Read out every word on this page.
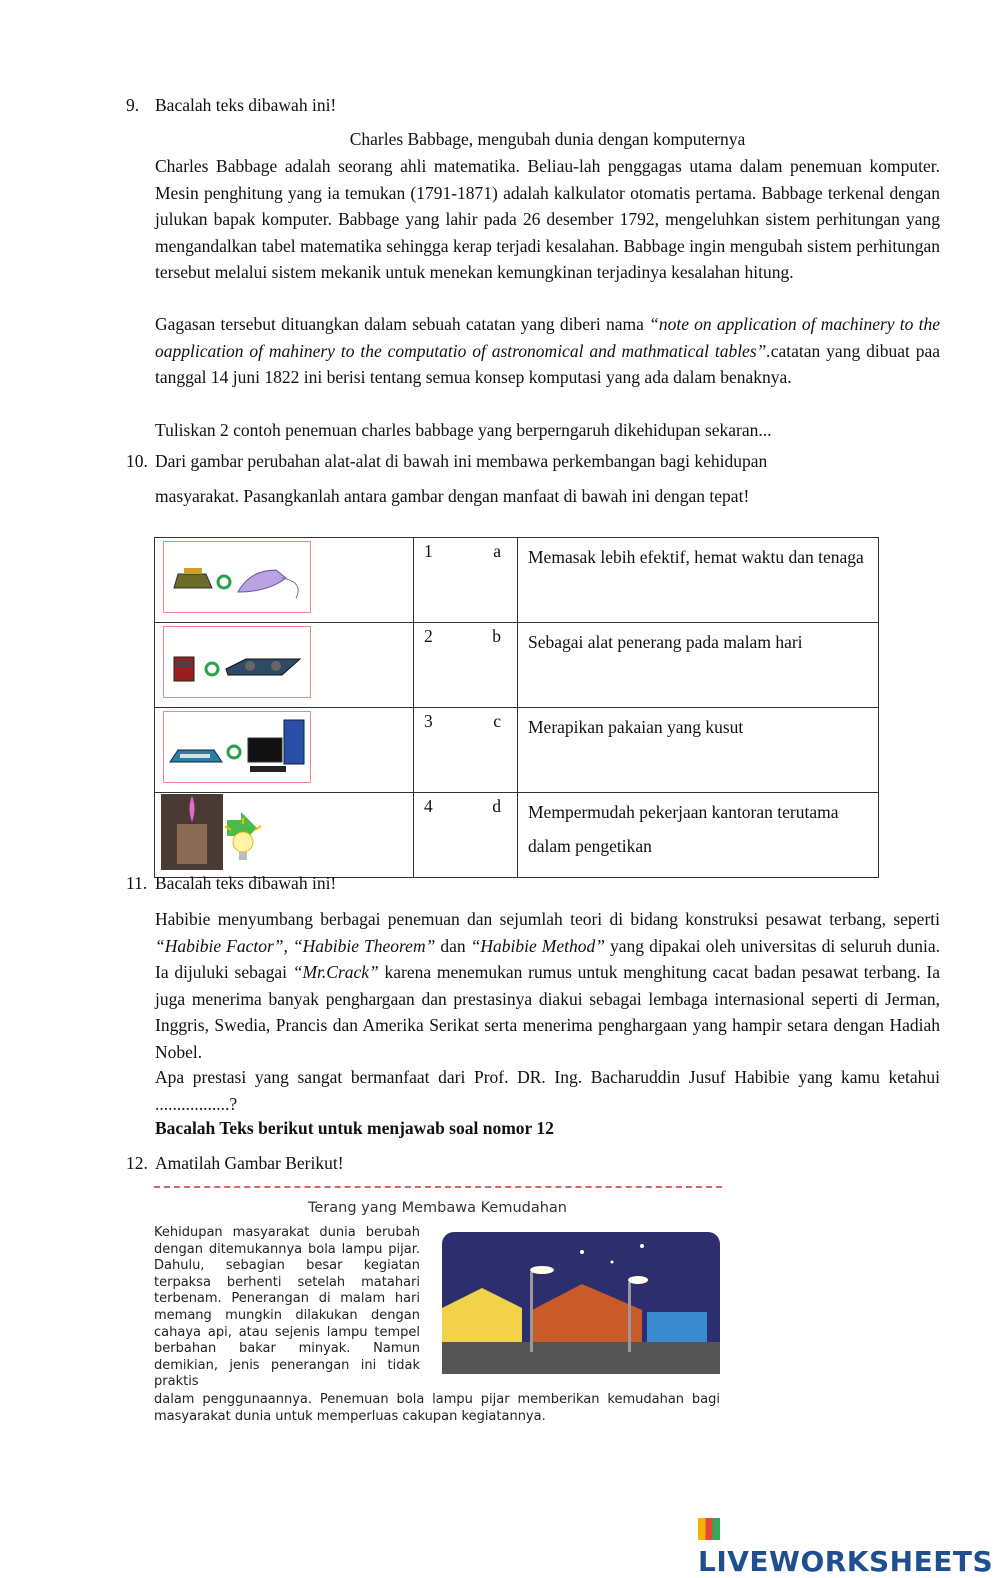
9. Bacalah teks dibawah ini!
Charles Babbage, mengubah dunia dengan komputernya

Charles Babbage adalah seorang ahli matematika. Beliau-lah penggagas utama dalam penemuan komputer. Mesin penghitung yang ia temukan (1791-1871) adalah kalkulator otomatis pertama. Babbage terkenal dengan julukan bapak komputer. Babbage yang lahir pada 26 desember 1792, mengeluhkan sistem perhitungan yang mengandalkan tabel matematika sehingga kerap terjadi kesalahan. Babbage ingin mengubah sistem perhitungan tersebut melalui sistem mekanik untuk menekan kemungkinan terjadinya kesalahan hitung.

Gagasan tersebut dituangkan dalam sebuah catatan yang diberi nama “note on application of machinery to the oapplication of mahinery to the computatio of astronomical and mathmatical tables”.catatan yang dibuat paa tanggal 14 juni 1822 ini berisi tentang semua konsep komputasi yang ada dalam benaknya.

Tuliskan 2 contoh penemuan charles babbage yang berperngaruh dikehidupan sekaran...

10. Dari gambar perubahan alat-alat di bawah ini membawa perkembangan bagi kehidupan
masyarakat. Pasangkanlah antara gambar dengan manfaat di bawah ini dengan tepat!

1 a	Memasak lebih efektif, hemat waktu dan tenaga

2 b	Sebagai alat penerang pada malam hari

3 c	Merapikan pakaian yang kusut

4 d	Mempermudah pekerjaan kantoran terutama dalam pengetikan
11. Bacalah teks dibawah ini!

Habibie menyumbang berbagai penemuan dan sejumlah teori di bidang konstruksi pesawat terbang, seperti “Habibie Factor”, “Habibie Theorem” dan “Habibie Method” yang dipakai oleh universitas di seluruh dunia. Ia dijuluki sebagai “Mr.Crack” karena menemukan rumus untuk menghitung cacat badan pesawat terbang. Ia juga menerima banyak penghargaan dan prestasinya diakui sebagai lembaga internasional seperti di Jerman, Inggris, Swedia, Prancis dan Amerika Serikat serta menerima penghargaan yang hampir setara dengan Hadiah Nobel.

Apa prestasi yang sangat bermanfaat dari Prof. DR. Ing. Bacharuddin Jusuf Habibie yang kamu ketahui .................?

Bacalah Teks berikut untuk menjawab soal nomor 12
12. Amatilah Gambar Berikut!
Terang yang Membawa Kemudahan

Kehidupan masyarakat dunia berubah dengan ditemukannya bola lampu pijar. Dahulu, sebagian besar kegiatan terpaksa berhenti setelah matahari terbenam. Penerangan di malam hari memang mungkin dilakukan dengan cahaya api, atau sejenis lampu tempel berbahan bakar minyak. Namun demikian, jenis penerangan ini tidak praktis

dalam penggunaannya. Penemuan bola lampu pijar memberikan kemudahan bagi masyarakat dunia untuk memperluas cakupan kegiatannya.

LIVEWORKSHEETS
